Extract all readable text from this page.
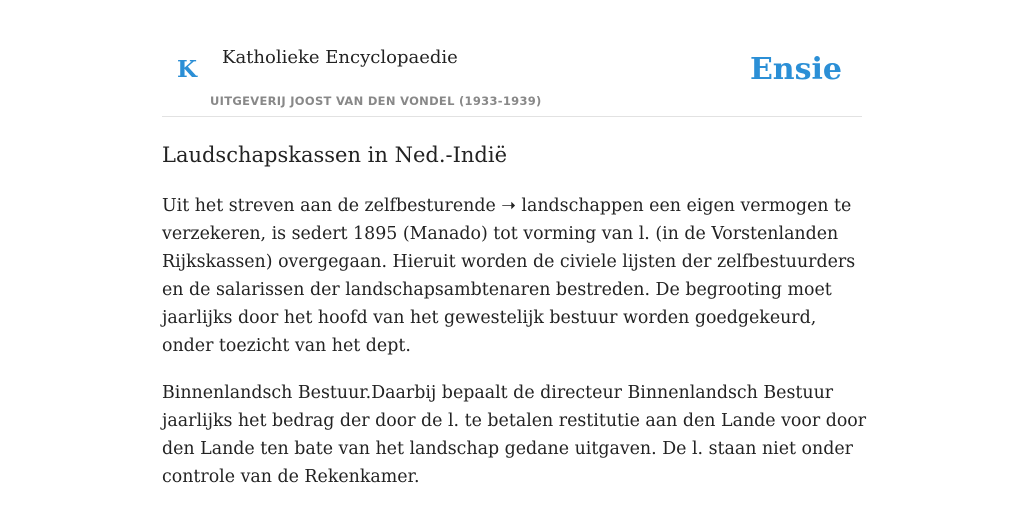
K Katholieke Encyclopaedie
UITGEVERIJ JOOST VAN DEN VONDEL (1933-1939)
Ensie
Laudschapskassen in Ned.-Indië

Uit het streven aan de zelfbesturende ➝ landschappen een eigen vermogen te verzekeren, is sedert 1895 (Manado) tot vorming van l. (in de Vorstenlanden Rijkskassen) overgegaan. Hieruit worden de civiele lijsten der zelfbestuurders en de salarissen der landschapsambtenaren bestreden. De begrooting moet jaarlijks door het hoofd van het gewestelijk bestuur worden goedgekeurd, onder toezicht van het dept.

Binnenlandsch Bestuur.Daarbij bepaalt de directeur Binnenlandsch Bestuur jaarlijks het bedrag der door de l. te betalen restitutie aan den Lande voor door den Lande ten bate van het landschap gedane uitgaven. De l. staan niet onder controle van de Rekenkamer.
